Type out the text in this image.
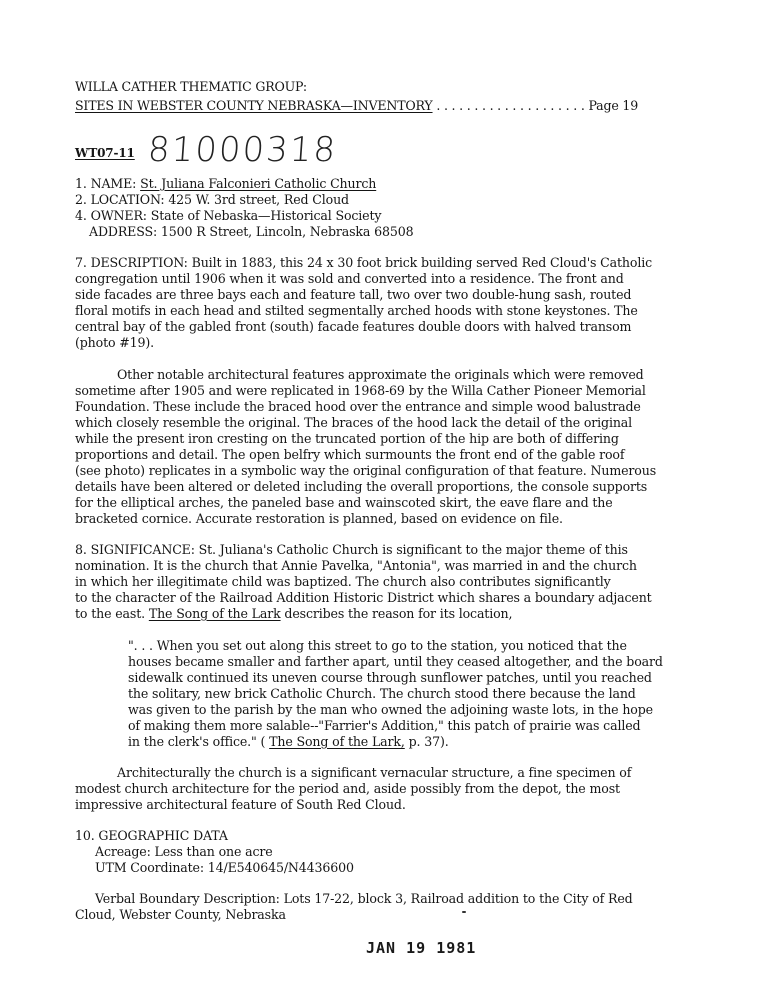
WILLA CATHER THEMATIC GROUP:
SITES IN WEBSTER COUNTY NEBRASKA—INVENTORY . . . . . . . . . . . . . . . . . . . . Page 19
WT07-11 81000318
1. NAME: St. Juliana Falconieri Catholic Church
2. LOCATION: 425 W. 3rd street, Red Cloud
4. OWNER: State of Nebaska—Historical Society
ADDRESS: 1500 R Street, Lincoln, Nebraska 68508
7. DESCRIPTION: Built in 1883, this 24 x 30 foot brick building served Red Cloud's Catholic
congregation until 1906 when it was sold and converted into a residence. The front and
side facades are three bays each and feature tall, two over two double-hung sash, routed
floral motifs in each head and stilted segmentally arched hoods with stone keystones. The
central bay of the gabled front (south) facade features double doors with halved transom
(photo #19).
Other notable architectural features approximate the originals which were removed
sometime after 1905 and were replicated in 1968-69 by the Willa Cather Pioneer Memorial
Foundation. These include the braced hood over the entrance and simple wood balustrade
which closely resemble the original. The braces of the hood lack the detail of the original
while the present iron cresting on the truncated portion of the hip are both of differing
proportions and detail. The open belfry which surmounts the front end of the gable roof
(see photo) replicates in a symbolic way the original configuration of that feature. Numerous
details have been altered or deleted including the overall proportions, the console supports
for the elliptical arches, the paneled base and wainscoted skirt, the eave flare and the
bracketed cornice. Accurate restoration is planned, based on evidence on file.
8. SIGNIFICANCE: St. Juliana's Catholic Church is significant to the major theme of this
nomination. It is the church that Annie Pavelka, "Antonia", was married in and the church
in which her illegitimate child was baptized. The church also contributes significantly
to the character of the Railroad Addition Historic District which shares a boundary adjacent
to the east. The Song of the Lark describes the reason for its location,
". . . When you set out along this street to go to the station, you noticed that the
houses became smaller and farther apart, until they ceased altogether, and the board
sidewalk continued its uneven course through sunflower patches, until you reached
the solitary, new brick Catholic Church. The church stood there because the land
was given to the parish by the man who owned the adjoining waste lots, in the hope
of making them more salable--"Farrier's Addition," this patch of prairie was called
in the clerk's office." ( The Song of the Lark, p. 37).
Architecturally the church is a significant vernacular structure, a fine specimen of
modest church architecture for the period and, aside possibly from the depot, the most
impressive architectural feature of South Red Cloud.
10. GEOGRAPHIC DATA
Acreage: Less than one acre
UTM Coordinate: 14/E540645/N4436600
Verbal Boundary Description: Lots 17-22, block 3, Railroad addition to the City of Red
Cloud, Webster County, Nebraska
JAN 19 1981
